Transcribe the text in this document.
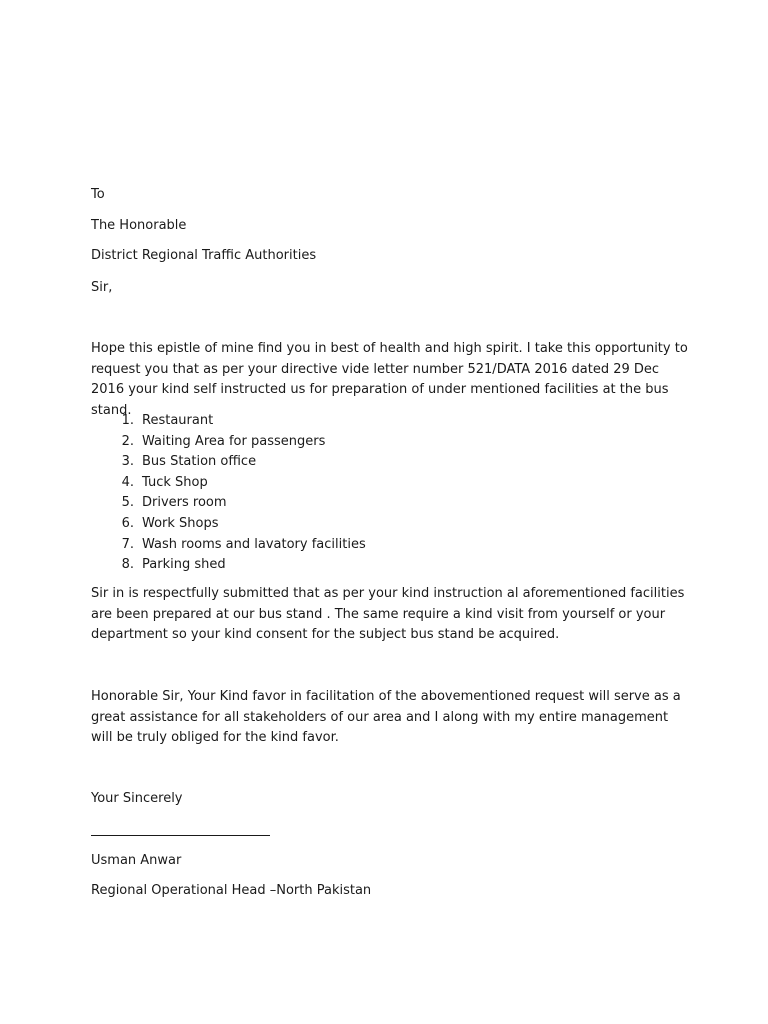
To
The Honorable
District Regional Traffic Authorities
Sir,
Hope this epistle of mine find you in best of health and high spirit. I take this opportunity to request you that as per your directive vide letter number 521/DATA 2016 dated 29 Dec 2016 your kind self instructed us for preparation of under mentioned facilities at the bus stand.
1. Restaurant
2. Waiting Area for passengers
3. Bus Station office
4. Tuck Shop
5. Drivers room
6. Work Shops
7. Wash rooms and lavatory facilities
8. Parking shed
Sir in is respectfully submitted that as per your kind instruction al aforementioned facilities are been prepared at our bus stand . The same require a kind visit from yourself or your department so your kind consent for the subject bus stand be acquired.
Honorable Sir, Your Kind favor in facilitation of the abovementioned request will serve as a great assistance for all stakeholders of our area and I along with my entire management will be truly obliged for the kind favor.
Your Sincerely
Usman Anwar
Regional Operational Head –North Pakistan
